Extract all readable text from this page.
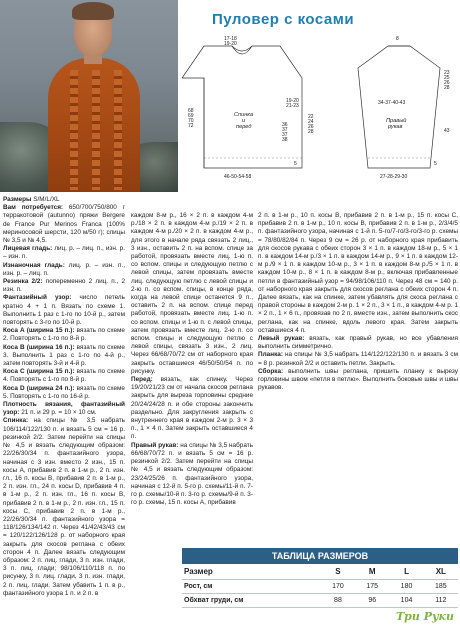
Пуловер с косами
17-18 19-20
19-20 21-23
68 69 70 72	36 37 37 38
22 24 26 28
Спинка и перед
5
46-50-54-58
8
23 25 26 28
34-37-40-43
Правый рукав
43
5
27-28-29-30

Размеры S/M/L/XL

Вам потребуется: 650/700/750/800 г терракотовой (autunno) пряжи Bergere de France Pur Merinos Franca (100% мериносовой шерсти, 120 м/50 г); спицы № 3,5 и № 4,5.

Лицевая гладь: лиц. р. – лиц. п., изн. р. – изн. п.

Изнаночная гладь: лиц. р. – изн. п., изн. р. – лиц. п.

Резинка 2/2: попеременно 2 лиц. п., 2 изн. п.

Фантазийный узор: число петель кратно 4 + 1 п. Вязать по схеме 1. Выполнить 1 раз с 1-го по 10-й р., затем повторять с 3-го по 10-й р.

Коса А (ширина 15 п.): вязать по схеме 2. Повторять с 1-го по 8-й р.

Коса В (ширина 16 п.): вязать по схеме 3. Выполнить 1 раз с 1-го по 4-й р., затем повторять 3-й и 4-й р.

Коса С (ширина 15 п.): вязать по схеме 4. Повторять с 1-го по 8-й р.

Коса D (ширина 24 п.): вязать по схеме 5. Повторять с 1-го по 16-й р.

Плотность вязания, фантазийный узор: 21 п. и 29 р. = 10 × 10 см.

Спинка: на спицы № 3,5 набрать 106/114/122/130 п. и вязать 5 см = 16 р. резинкой 2/2. Затем перейти на спицы № 4,5 и вязать следующим образом: 22/26/30/34 п. фантазийного узора, начиная с 3 изн. вместо 2 изн., 15 п. косы А, прибавив 2 п. в 1-м р., 2 п. изн. гл., 16 п. косы В, прибавив 2 п. в 1-м р., 2 п. изн. гл., 24 п. косы D, прибавив 4 п. в 1-м р., 2 п. изн. гл., 16 п. косы В, прибавив 2 п. в 1-м р., 2 п. изн. гл., 15 п. косы С, прибавив 2 п. в 1-м р., 22/26/30/34 п. фантазийного узора = 118/126/134/142 п. Через 41/42/43/43 см = 120/122/126/128 р. от наборного края закрыть для скосов реглана с обеих сторон 4 п. Далее вязать следующим образом: 2 п. лиц. глади, 3 п. изн. глади, 3 п. лиц. глади; 98/106/110/118 п. по рисунку, 3 п. лиц. глади, 3 п. изн. глади, 2 п. лиц. глади. Затем убавить 1 п. в р., фантазийного узора 1 п. и 2 п. в

каждом 8-м р., 16 × 2 п. в каждом 4-м р./18 × 2 п. в каждом 4-м р./19 × 2 п. в каждом 4-м р./20 × 2 п. в каждом 4-м р., для этого в начале ряда связать 2 лиц., 3 изн., оставить 2 п. на вспом. спице за работой, провязать вместе лиц. 1-ю п. со вспом. спицы и следующую петлю с левой спицы, затем провязать вместе лиц. следующую петлю с левой спицы и 2-ю п. со вспом. спицы, в конце ряда, когда на левой спице останется 9 п., оставить 2 п. на вспом. спице перед работой, провязать вместе лиц. 1-ю п. со вспом. спицы и 1-ю п. с левой спицы, затем провязать вместе лиц. 2-ю п. со вспом. спицы и следующую петлю с левой спицы, связать 3 изн., 2 лиц. Через 66/68/70/72 см от наборного края закрыть оставшиеся 46/50/50/54 п. по рисунку.

Перед: вязать, как спинку. Через 19/20/21/23 см от начала скосов реглана закрыть для выреза горловины средние 20/24/24/28 п. и обе стороны закончить раздельно. Для закругления закрыть с внутреннего края в каждом 2-м р. 3 × 3 п., 1 × 4 п. Затем закрыть оставшиеся 4 п.

Правый рукав: на спицы № 3,5 набрать 66/68/70/72 п. и вязать 5 см = 16 р. резинкой 2/2. Затем перейти на спицы № 4,5 и вязать следующим образом: 23/24/25/26 п. фантазийного узора, начиная с 12-й п. 5-го р. схемы/11-й п. 7-го р. схемы/10-й п. 3-го р. схемы/9-й п. 3-го р. схемы, 15 п. косы А, прибавив

2 п. в 1-м р., 10 п. косы В, прибавив 2 п. в 1-м р., 15 п. косы С, прибавив 2 п. в 1-м р., 10 п. косы В, прибавив 2 п. в 1-м р., 2/3/4/5 п. фантазийного узора, начиная с 1-й п. 5-го/7-го/3-го/3-го р. схемы = 78/80/82/84 п. Через 9 см = 26 р. от наборного края прибавить для скосов рукава с обеих сторон 3 × 1 п. в каждом 18-м р., 5 × 1 п. в каждом 14-м р./3 × 1 п. в каждом 14-м р., 9 × 1 п. в каждом 12-м р./9 × 1 п. в каждом 10-м р., 3 × 1 п. в каждом 8-м р./5 × 1 п. в каждом 10-м р., 8 × 1 п. в каждом 8-м р., включая прибавленные петли в фантазийный узор = 94/98/106/110 п. Через 48 см = 140 р. от наборного края закрыть для скосов реглана с обеих сторон 4 п. Далее вязать, как на спинке, затем убавлять для скоса реглана с правой стороны в каждом 2-м р. 1 × 2 п., 3 × 1 п., в каждом 4-м р. 1 × 2 п., 1 × 6 п., провязав по 2 п. вместе изн., затем выполнить скос реглана, как на спинке, вдоль левого края. Затем закрыть оставшиеся 4 п.

Левый рукав: вязать, как правый рукав, но все убавления выполнить симметрично.

Планка: на спицы № 3,5 набрать 114/122/122/130 п. и вязать 3 см = 8 р. резинкой 2/2 и оставить петли. Закрыть.

Сборка: выполнить швы реглана, пришить планку к вырезу горловины швом «петля в петлю». Выполнить боковые швы и швы рукавов.

ТАБЛИЦА РАЗМЕРОВ
Размер	S	M	L	XL
Рост, см	170	175	180	185
Обхват груди, см	88	96	104	112
Три Руки
